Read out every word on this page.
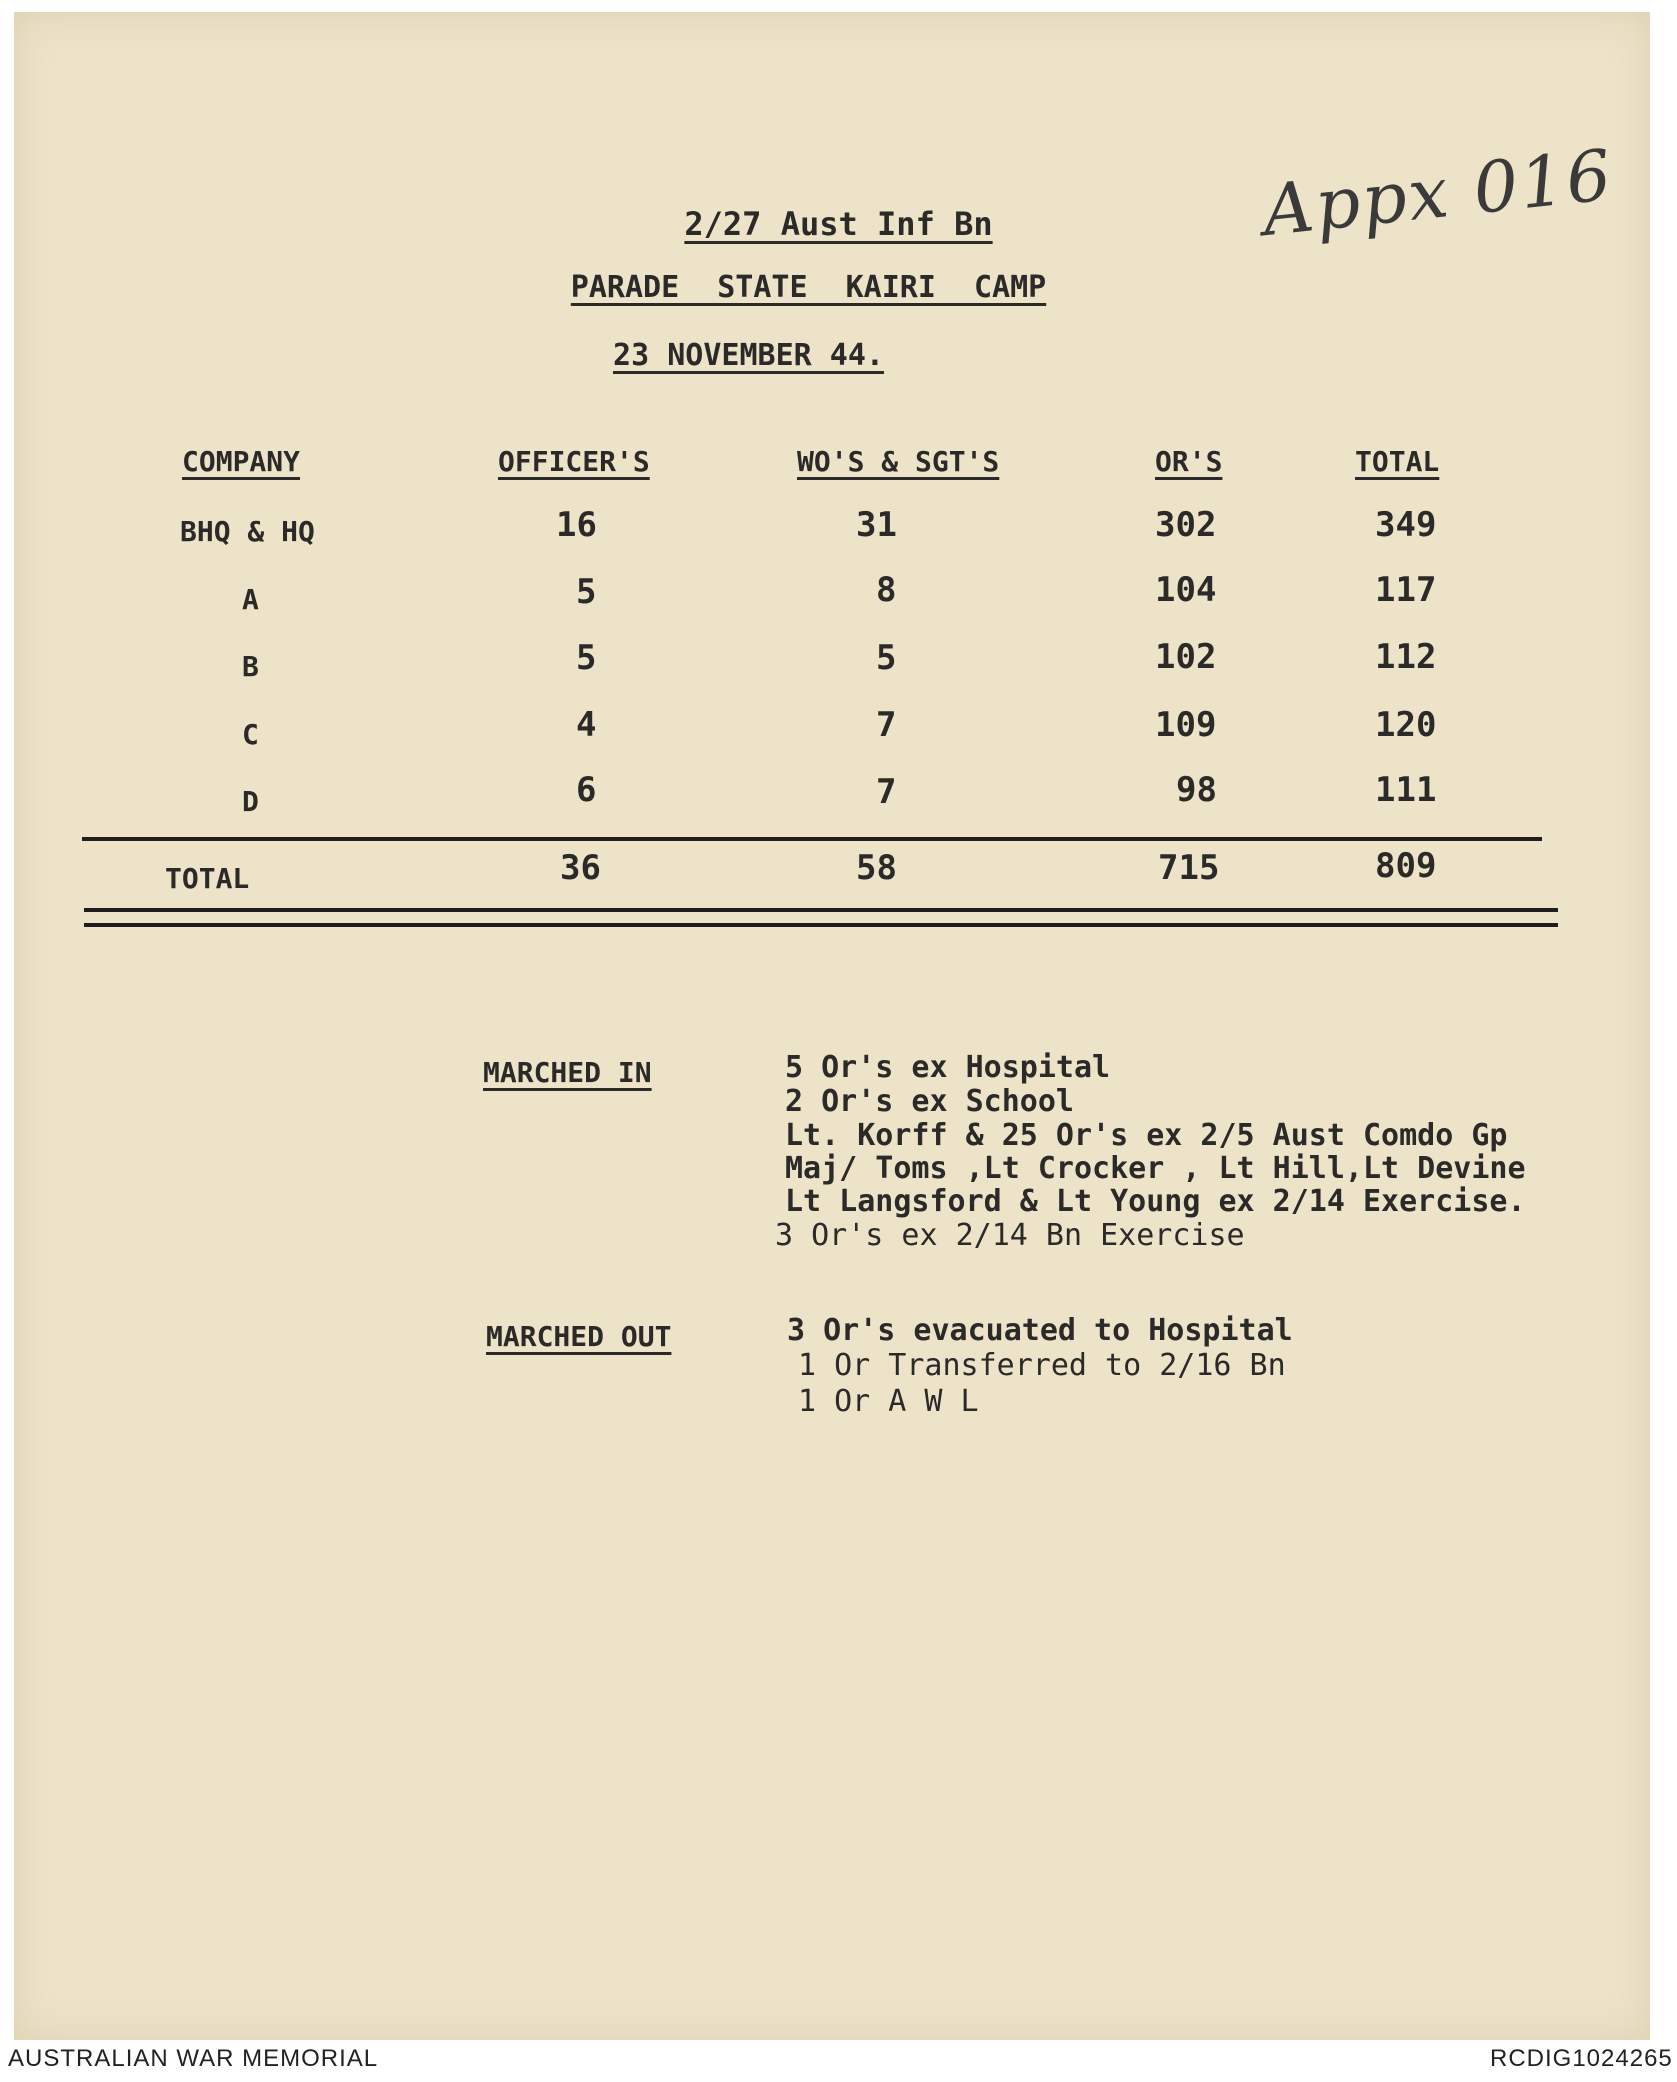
Appx 016
2/27 Aust Inf Bn
PARADE STATE KAIRI CAMP
23 NOVEMBER 44.
COMPANY	OFFICER'S	WO'S & SGT'S	OR'S	TOTAL
BHQ & HQ	16	31	302	349
A	5	8	104	117
B	5	5	102	112
C	4	7	109	120
D	6	7	98	111
TOTAL	36	58	715	809
MARCHED IN	5 Or's ex Hospital
2 Or's ex School
Lt. Korff & 25 Or's ex 2/5 Aust Comdo Gp
Maj/ Toms ,Lt Crocker , Lt Hill,Lt Devine
Lt Langsford & Lt Young ex 2/14 Exercise.
3 Or's ex 2/14 Bn Exercise
MARCHED OUT	3 Or's evacuated to Hospital
1 Or Transferred to 2/16 Bn
1 Or A W L
AUSTRALIAN WAR MEMORIAL	RCDIG1024265
